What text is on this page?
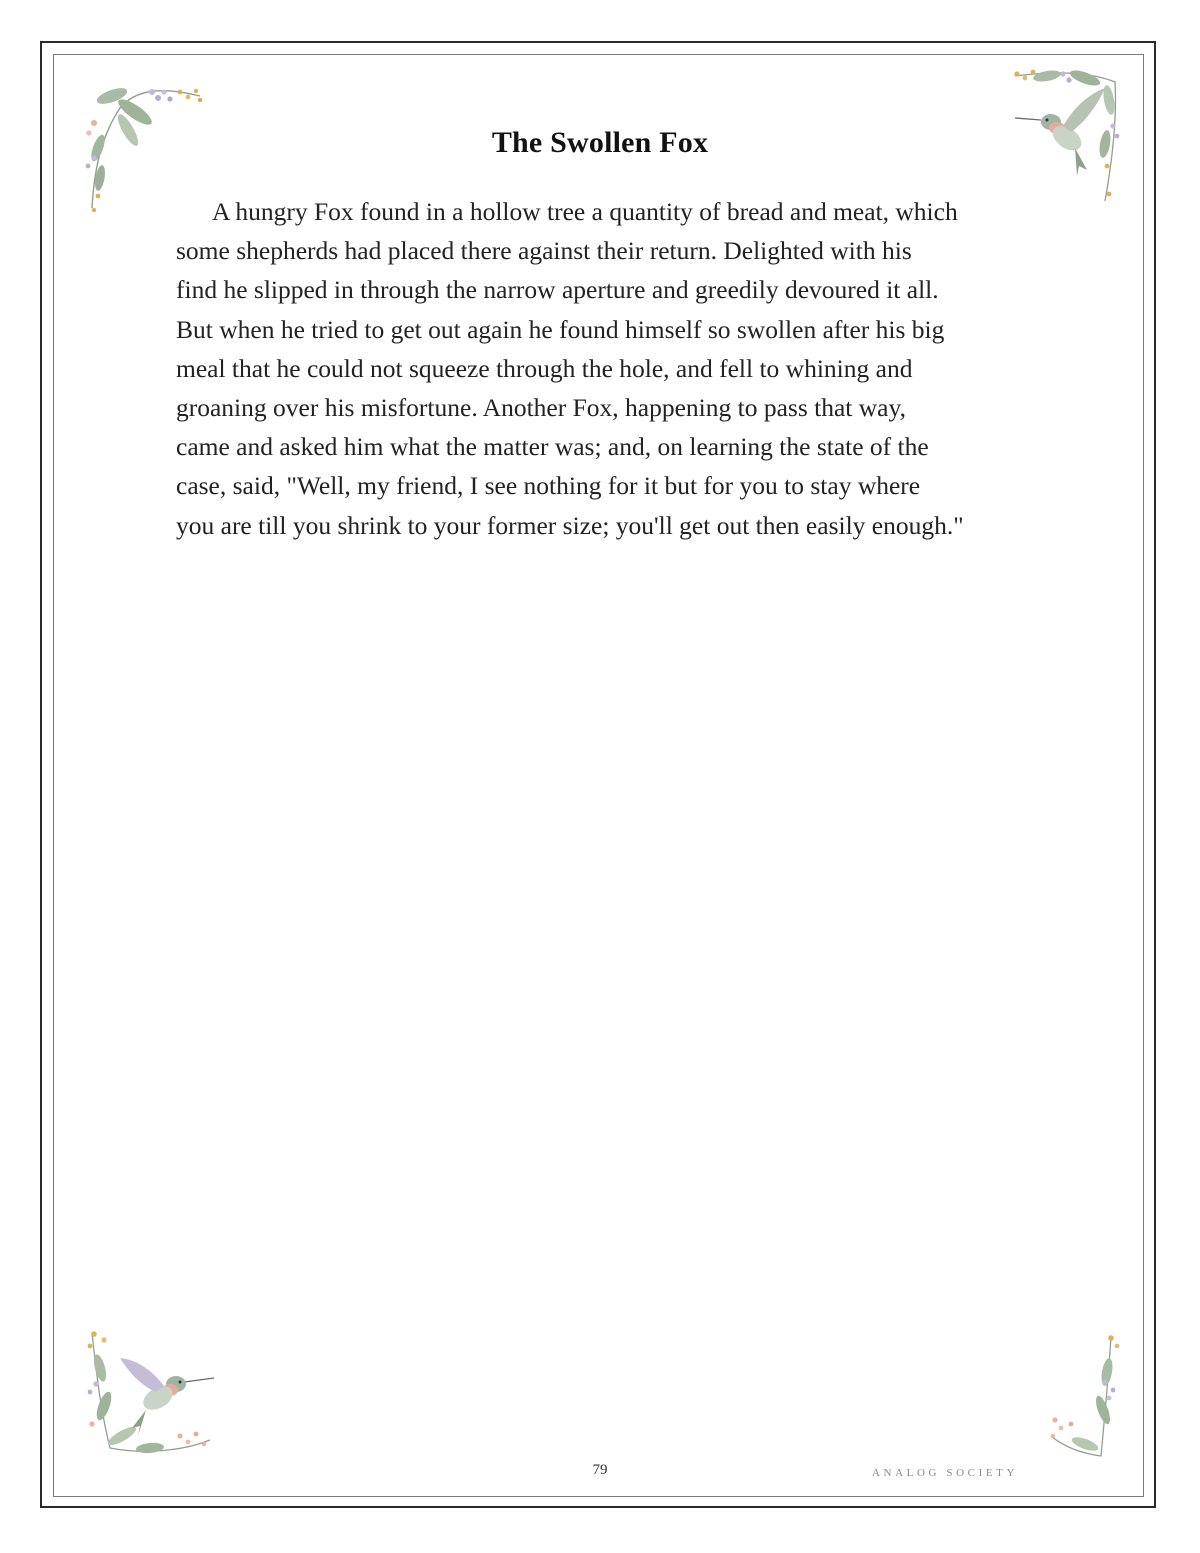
The Swollen Fox

A hungry Fox found in a hollow tree a quantity of bread and meat, which
some shepherds had placed there against their return. Delighted with his
find he slipped in through the narrow aperture and greedily devoured it all.
But when he tried to get out again he found himself so swollen after his big
meal that he could not squeeze through the hole, and fell to whining and
groaning over his misfortune. Another Fox, happening to pass that way,
came and asked him what the matter was; and, on learning the state of the
case, said, "Well, my friend, I see nothing for it but for you to stay where
you are till you shrink to your former size; you'll get out then easily enough."

79	ANALOG SOCIETY
